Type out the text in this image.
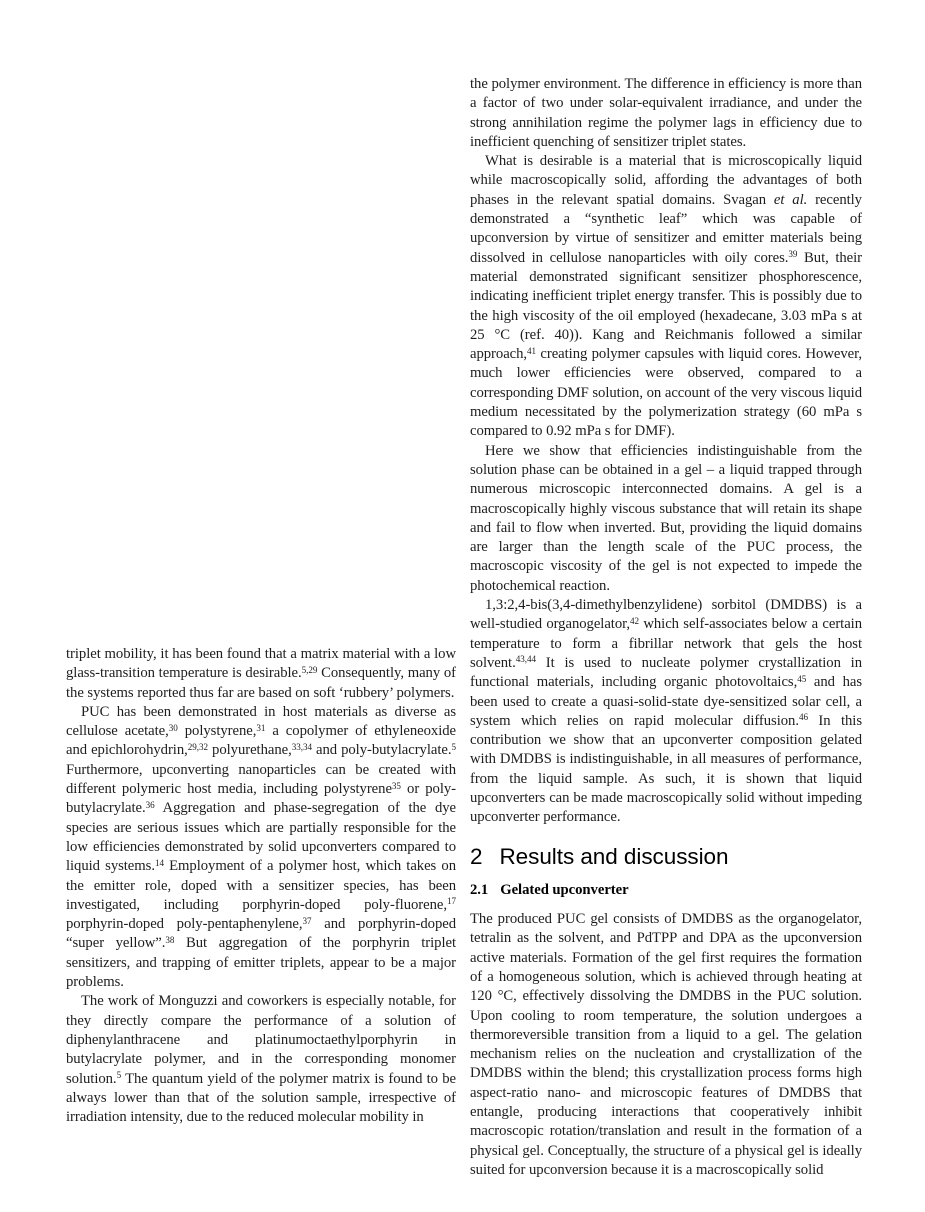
triplet mobility, it has been found that a matrix material with a low glass-transition temperature is desirable.$^{5,29}$ Consequently, many of the systems reported thus far are based on soft ‘rubbery’ polymers.

PUC has been demonstrated in host materials as diverse as cellulose acetate,$^{30}$ polystyrene,$^{31}$ a copolymer of ethyleneoxide and epichlorohydrin,$^{29,32}$ polyurethane,$^{33,34}$ and poly-butylacrylate.$^5$ Furthermore, upconverting nanoparticles can be created with different polymeric host media, including polystyrene$^{35}$ or poly-butylacrylate.$^{36}$ Aggregation and phase-segregation of the dye species are serious issues which are partially responsible for the low efficiencies demonstrated by solid upconverters compared to liquid systems.$^{14}$ Employment of a polymer host, which takes on the emitter role, doped with a sensitizer species, has been investigated, including porphyrin-doped poly-fluorene,$^{17}$ porphyrin-doped poly-pentaphenylene,$^{37}$ and porphyrin-doped “super yellow”.$^{38}$ But aggregation of the porphyrin triplet sensitizers, and trapping of emitter triplets, appear to be a major problems.

The work of Monguzzi and coworkers is especially notable, for they directly compare the performance of a solution of diphenylanthracene and platinumoctaethylporphyrin in butylacrylate polymer, and in the corresponding monomer solution.$^5$ The quantum yield of the polymer matrix is found to be always lower than that of the solution sample, irrespective of irradiation intensity, due to the reduced molecular mobility in

the polymer environment. The difference in efficiency is more than a factor of two under solar-equivalent irradiance, and under the strong annihilation regime the polymer lags in efficiency due to inefficient quenching of sensitizer triplet states.

What is desirable is a material that is microscopically liquid while macroscopically solid, affording the advantages of both phases in the relevant spatial domains. Svagan et al. recently demonstrated a “synthetic leaf” which was capable of upconversion by virtue of sensitizer and emitter materials being dissolved in cellulose nanoparticles with oily cores.$^{39}$ But, their material demonstrated significant sensitizer phosphorescence, indicating inefficient triplet energy transfer. This is possibly due to the high viscosity of the oil employed (hexadecane, 3.03 mPa s at 25 °C (ref. 40)). Kang and Reichmanis followed a similar approach,$^{41}$ creating polymer capsules with liquid cores. However, much lower efficiencies were observed, compared to a corresponding DMF solution, on account of the very viscous liquid medium necessitated by the polymerization strategy (60 mPa s compared to 0.92 mPa s for DMF).

Here we show that efficiencies indistinguishable from the solution phase can be obtained in a gel – a liquid trapped through numerous microscopic interconnected domains. A gel is a macroscopically highly viscous substance that will retain its shape and fail to flow when inverted. But, providing the liquid domains are larger than the length scale of the PUC process, the macroscopic viscosity of the gel is not expected to impede the photochemical reaction.

1,3:2,4-bis(3,4-dimethylbenzylidene) sorbitol (DMDBS) is a well-studied organogelator,$^{42}$ which self-associates below a certain temperature to form a fibrillar network that gels the host solvent.$^{43,44}$ It is used to nucleate polymer crystallization in functional materials, including organic photovoltaics,$^{45}$ and has been used to create a quasi-solid-state dye-sensitized solar cell, a system which relies on rapid molecular diffusion.$^{46}$ In this contribution we show that an upconverter composition gelated with DMDBS is indistinguishable, in all measures of performance, from the liquid sample. As such, it is shown that liquid upconverters can be made macroscopically solid without impeding upconverter performance.

2 Results and discussion
2.1 Gelated upconverter

The produced PUC gel consists of DMDBS as the organogelator, tetralin as the solvent, and PdTPP and DPA as the upconversion active materials. Formation of the gel first requires the formation of a homogeneous solution, which is achieved through heating at 120 °C, effectively dissolving the DMDBS in the PUC solution. Upon cooling to room temperature, the solution undergoes a thermoreversible transition from a liquid to a gel. The gelation mechanism relies on the nucleation and crystallization of the DMDBS within the blend; this crystallization process forms high aspect-ratio nano- and microscopic features of DMDBS that entangle, producing interactions that cooperatively inhibit macroscopic rotation/translation and result in the formation of a physical gel. Conceptually, the structure of a physical gel is ideally suited for upconversion because it is a macroscopically solid
